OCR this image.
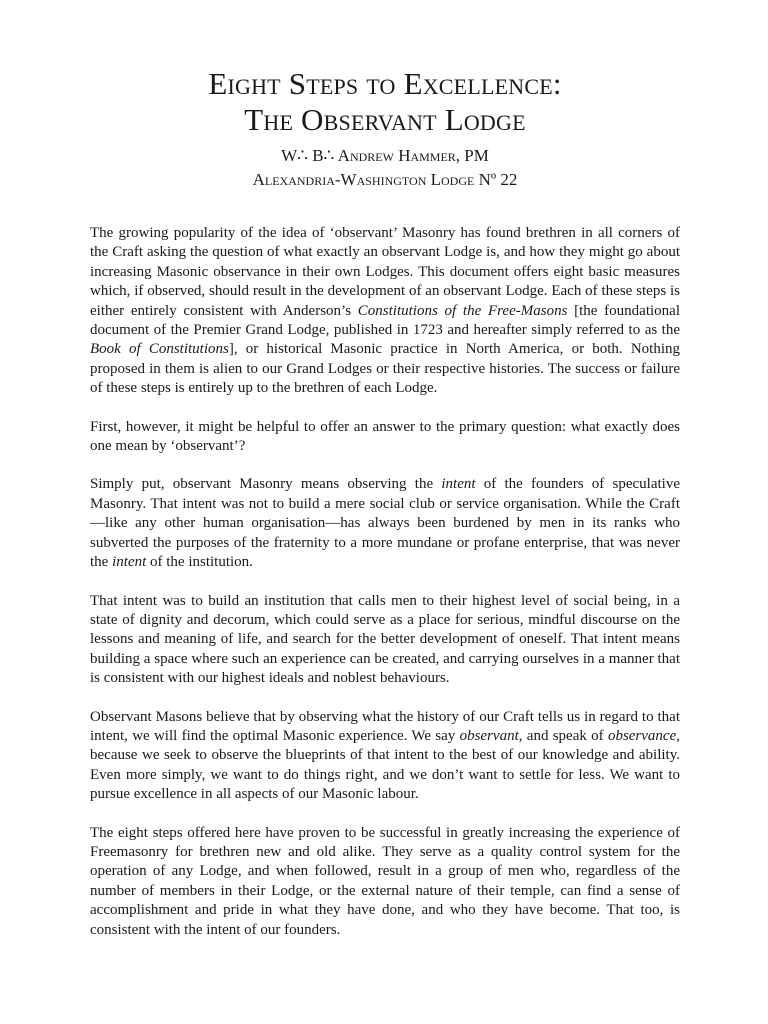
Eight Steps to Excellence:
The Observant Lodge

W∴ B∴ Andrew Hammer, PM

Alexandria-Washington Lodge Nº 22

The growing popularity of the idea of ‘observant’ Masonry has found brethren in all corners of the Craft asking the question of what exactly an observant Lodge is, and how they might go about increasing Masonic observance in their own Lodges. This document offers eight basic measures which, if observed, should result in the development of an observant Lodge. Each of these steps is either entirely consistent with Anderson’s Constitutions of the Free-Masons [the foundational document of the Premier Grand Lodge, published in 1723 and hereafter simply referred to as the Book of Constitutions], or historical Masonic practice in North America, or both. Nothing proposed in them is alien to our Grand Lodges or their respective histories. The success or failure of these steps is entirely up to the brethren of each Lodge.

First, however, it might be helpful to offer an answer to the primary question: what exactly does one mean by ‘observant’?

Simply put, observant Masonry means observing the intent of the founders of speculative Masonry. That intent was not to build a mere social club or service organisation. While the Craft—like any other human organisation—has always been burdened by men in its ranks who subverted the purposes of the fraternity to a more mundane or profane enterprise, that was never the intent of the institution.

That intent was to build an institution that calls men to their highest level of social being, in a state of dignity and decorum, which could serve as a place for serious, mindful discourse on the lessons and meaning of life, and search for the better development of oneself. That intent means building a space where such an experience can be created, and carrying ourselves in a manner that is consistent with our highest ideals and noblest behaviours.

Observant Masons believe that by observing what the history of our Craft tells us in regard to that intent, we will find the optimal Masonic experience. We say observant, and speak of observance, because we seek to observe the blueprints of that intent to the best of our knowledge and ability. Even more simply, we want to do things right, and we don’t want to settle for less. We want to pursue excellence in all aspects of our Masonic labour.

The eight steps offered here have proven to be successful in greatly increasing the experience of Freemasonry for brethren new and old alike. They serve as a quality control system for the operation of any Lodge, and when followed, result in a group of men who, regardless of the number of members in their Lodge, or the external nature of their temple, can find a sense of accomplishment and pride in what they have done, and who they have become. That too, is consistent with the intent of our founders.
